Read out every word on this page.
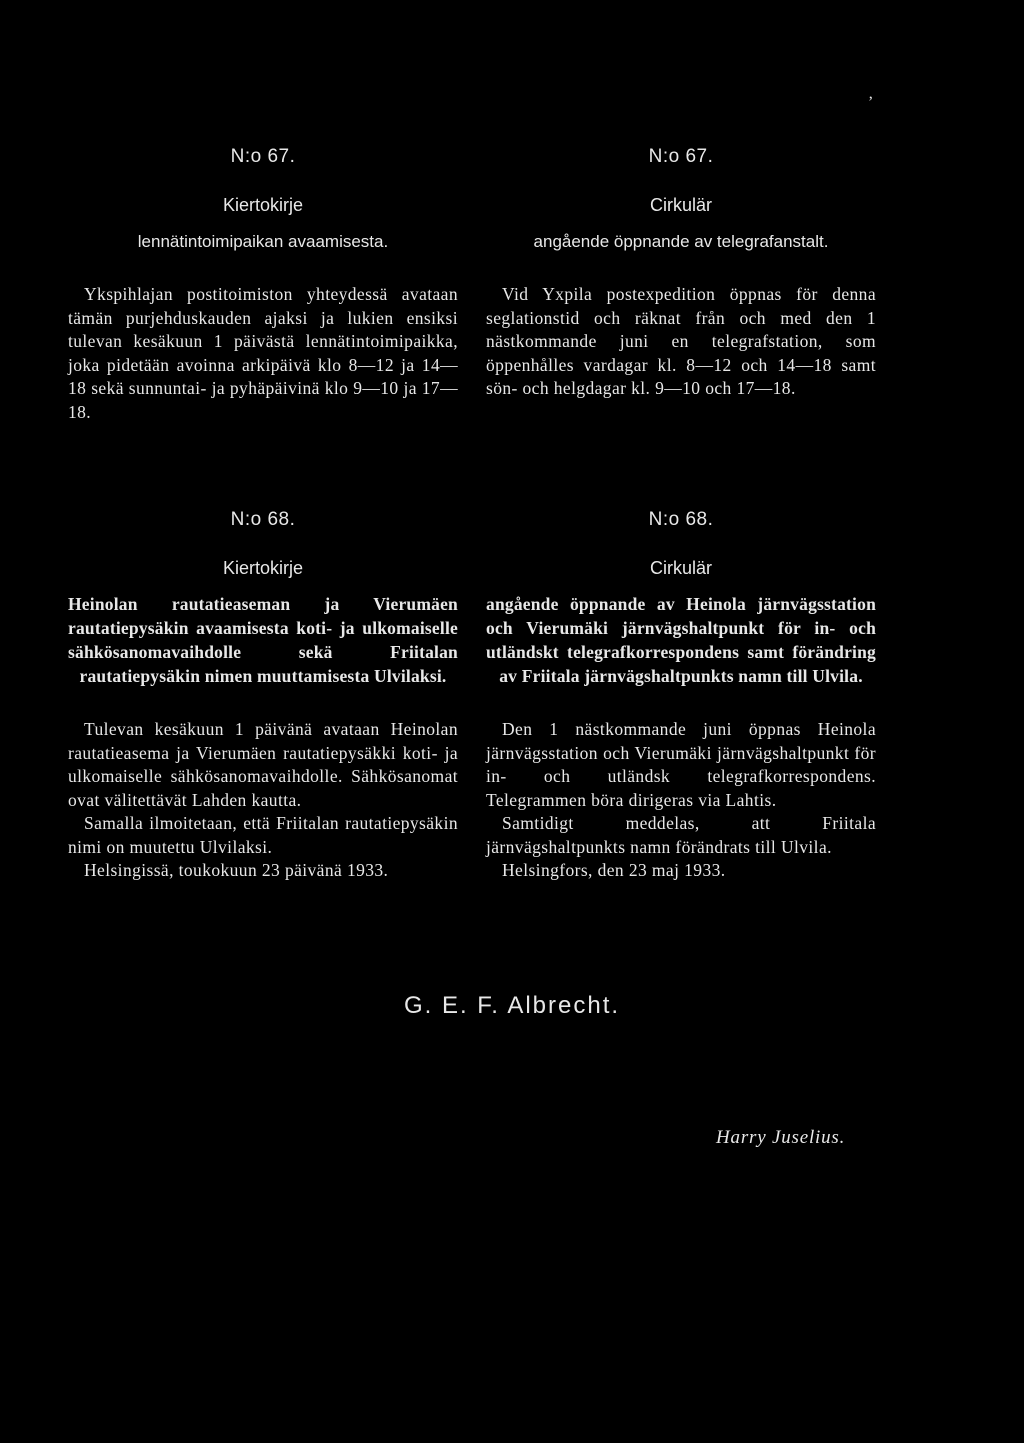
’

N:o 67.

Kiertokirje

lennätintoimipaikan avaamisesta.

Ykspihlajan postitoimiston yhteydessä avataan tämän purjehduskauden ajaksi ja lukien ensiksi tulevan kesäkuun 1 päivästä lennätintoimipaikka, joka pidetään avoinna arkipäivä klo 8—12 ja 14—18 sekä sunnuntai- ja pyhäpäivinä klo 9—10 ja 17—18.

N:o 67.

Cirkulär

angående öppnande av telegrafanstalt.

Vid Yxpila postexpedition öppnas för denna seglationstid och räknat från och med den 1 nästkommande juni en telegrafstation, som öppenhålles vardagar kl. 8—12 och 14—18 samt sön- och helgdagar kl. 9—10 och 17—18.

N:o 68.

Kiertokirje

Heinolan rautatieaseman ja Vierumäen rautatiepysäkin avaamisesta koti- ja ulkomaiselle sähkösanomavaihdolle sekä Friitalan rautatiepysäkin nimen muuttamisesta Ulvilaksi.

Tulevan kesäkuun 1 päivänä avataan Heinolan rautatieasema ja Vierumäen rautatiepysäkki koti- ja ulkomaiselle sähkösanomavaihdolle. Sähkösanomat ovat välitettävät Lahden kautta.

Samalla ilmoitetaan, että Friitalan rautatiepysäkin nimi on muutettu Ulvilaksi.

Helsingissä, toukokuun 23 päivänä 1933.

N:o 68.

Cirkulär

angående öppnande av Heinola järnvägsstation och Vierumäki järnvägshaltpunkt för in- och utländskt telegrafkorrespondens samt förändring av Friitala järnvägshaltpunkts namn till Ulvila.

Den 1 nästkommande juni öppnas Heinola järnvägsstation och Vierumäki järnvägshaltpunkt för in- och utländsk telegrafkorrespondens. Telegrammen böra dirigeras via Lahtis.

Samtidigt meddelas, att Friitala järnvägshaltpunkts namn förändrats till Ulvila.

Helsingfors, den 23 maj 1933.

G. E. F. Albrecht.

Harry Juselius.
